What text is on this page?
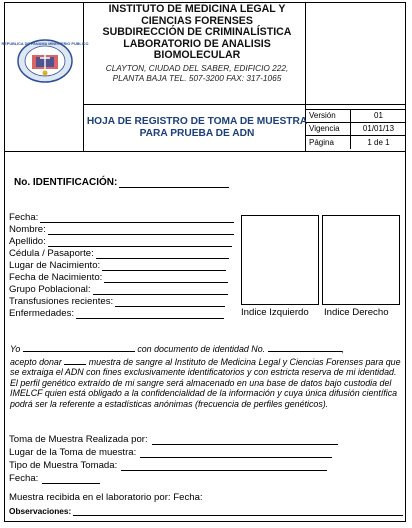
REPUBLICA DE PANAMA MINISTERIO PUBLICO
INSTITUTO DE MEDICINA LEGAL Y
CIENCIAS FORENSES
SUBDIRECCIÓN DE CRIMINALÍSTICA
LABORATORIO DE ANALISIS
BIOMOLECULAR
CLAYTON, CIUDAD DEL SABER, EDIFICIO 222,
PLANTA BAJA TEL. 507-3200 FAX: 317-1065
HOJA DE REGISTRO DE TOMA DE MUESTRA PARA PRUEBA DE ADN
Versión	01
Vigencia	01/01/13
Página	1 de 1
No. IDENTIFICACIÓN:
Fecha:
Nombre:
Apellido:
Cédula / Pasaporte:
Lugar de Nacimiento:
Fecha de Nacimiento:
Grupo Poblacional:
Transfusiones recientes:
Enfermedades:	Indice Izquierdo Indice Derecho
Yo	con documento de identidad No.	,
acepto donar	muestra de sangre al Instituto de Medicina Legal y Ciencias Forenses para que se extraiga el ADN con fines exclusivamente identificatorios y con estricta reserva de mi identidad. El perfil genético extraído de mi sangre será almacenado en una base de datos bajo custodia del IMELCF quien está obligado a la confidencialidad de la información y cuya única difusión científica podrá ser la referente a estadísticas anónimas (frecuencia de perfiles genéticos).
Toma de Muestra Realizada por:
Lugar de la Toma de muestra:
Tipo de Muestra Tomada:
Fecha:
Muestra recibida en el laboratorio por: Fecha:
Observaciones:
